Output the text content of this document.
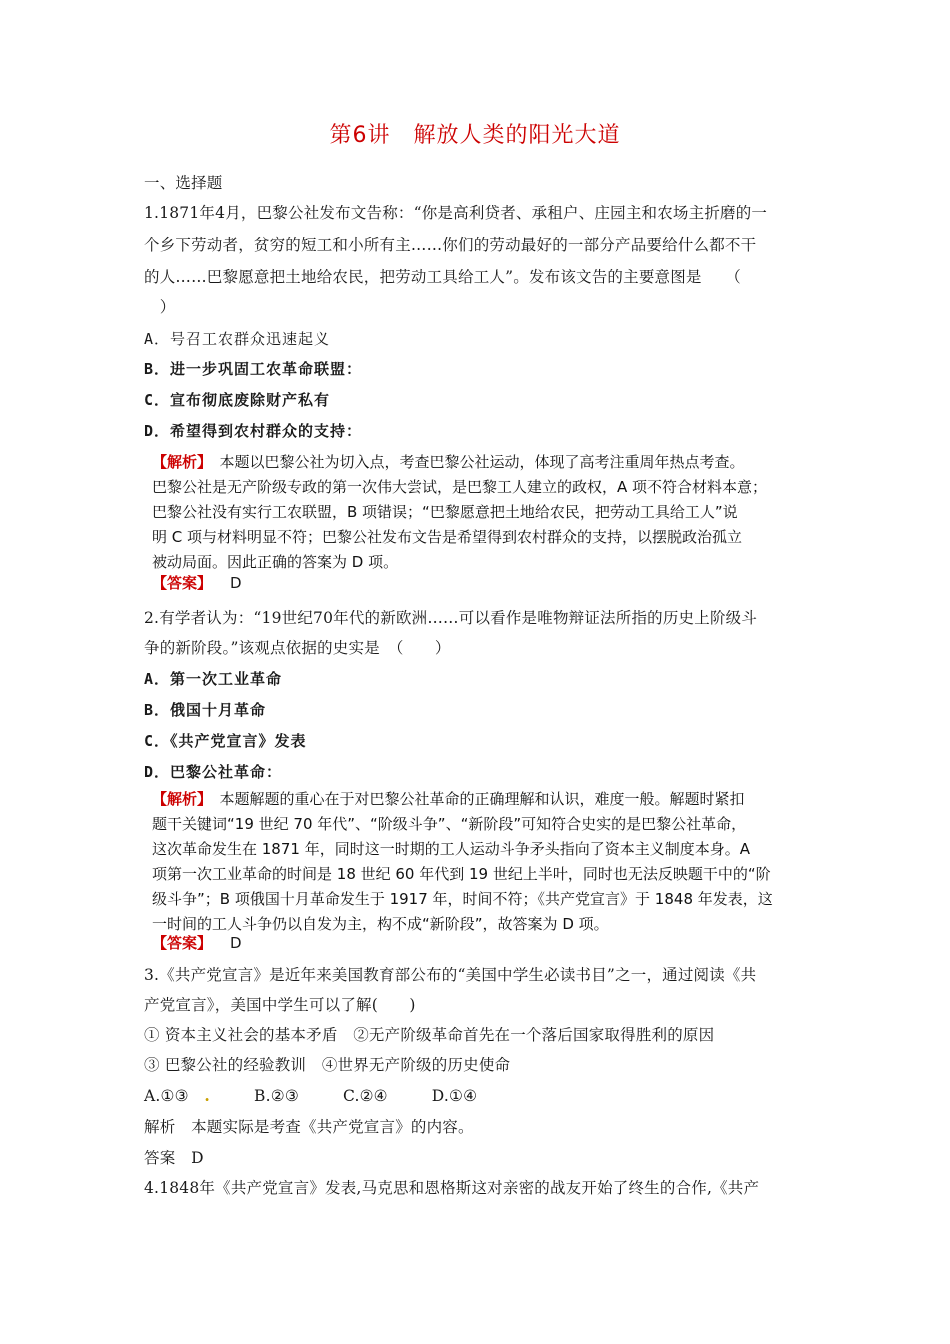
第6讲　解放人类的阳光大道
一、选择题
1.1871年4月，巴黎公社发布文告称：“你是高利贷者、承租户、庄园主和农场主折磨的一
个乡下劳动者，贫穷的短工和小所有主……你们的劳动最好的一部分产品要给什么都不干
的人……巴黎愿意把土地给农民，把劳动工具给工人”。发布该文告的主要意图是　　（
　）
A．号召工农群众迅速起义
B．进一步巩固工农革命联盟：
C．宣布彻底废除财产私有
D．希望得到农村群众的支持：
【解析】　 本题以巴黎公社为切入点，考查巴黎公社运动，体现了高考注重周年热点考查。
巴黎公社是无产阶级专政的第一次伟大尝试，是巴黎工人建立的政权，A 项不符合材料本意；
巴黎公社没有实行工农联盟，B 项错误；“巴黎愿意把土地给农民，把劳动工具给工人”说
明 C 项与材料明显不符；巴黎公社发布文告是希望得到农村群众的支持，以摆脱政治孤立
被动局面。因此正确的答案为 D 项。
【答案】 D
2.有学者认为：“19世纪70年代的新欧洲……可以看作是唯物辩证法所指的历史上阶级斗
争的新阶段。”该观点依据的史实是　（　　）
A．第一次工业革命
B．俄国十月革命
C．《共产党宣言》发表
D．巴黎公社革命：
【解析】　 本题解题的重心在于对巴黎公社革命的正确理解和认识，难度一般。解题时紧扣
题干关键词“19 世纪 70 年代”、“阶级斗争”、“新阶段”可知符合史实的是巴黎公社革命，
这次革命发生在 1871 年，同时这一时期的工人运动斗争矛头指向了资本主义制度本身。A
项第一次工业革命的时间是 18 世纪 60 年代到 19 世纪上半叶，同时也无法反映题干中的“阶
级斗争”；B 项俄国十月革命发生于 1917 年，时间不符；《共产党宣言》于 1848 年发表，这
一时间的工人斗争仍以自发为主，构不成“新阶段”，故答案为 D 项。
【答案】 D
3.《共产党宣言》是近年来美国教育部公布的“美国中学生必读书目”之一，通过阅读《共
产党宣言》，美国中学生可以了解(　　)
① 资本主义社会的基本矛盾　②无产阶级革命首先在一个落后国家取得胜利的原因
③ 巴黎公社的经验教训　④世界无产阶级的历史使命
A.①③　.	B.②③	C.②④	D.①④
解析　本题实际是考查《共产党宣言》的内容。
答案　D
4.1848年《共产党宣言》发表,马克思和恩格斯这对亲密的战友开始了终生的合作,《共产
